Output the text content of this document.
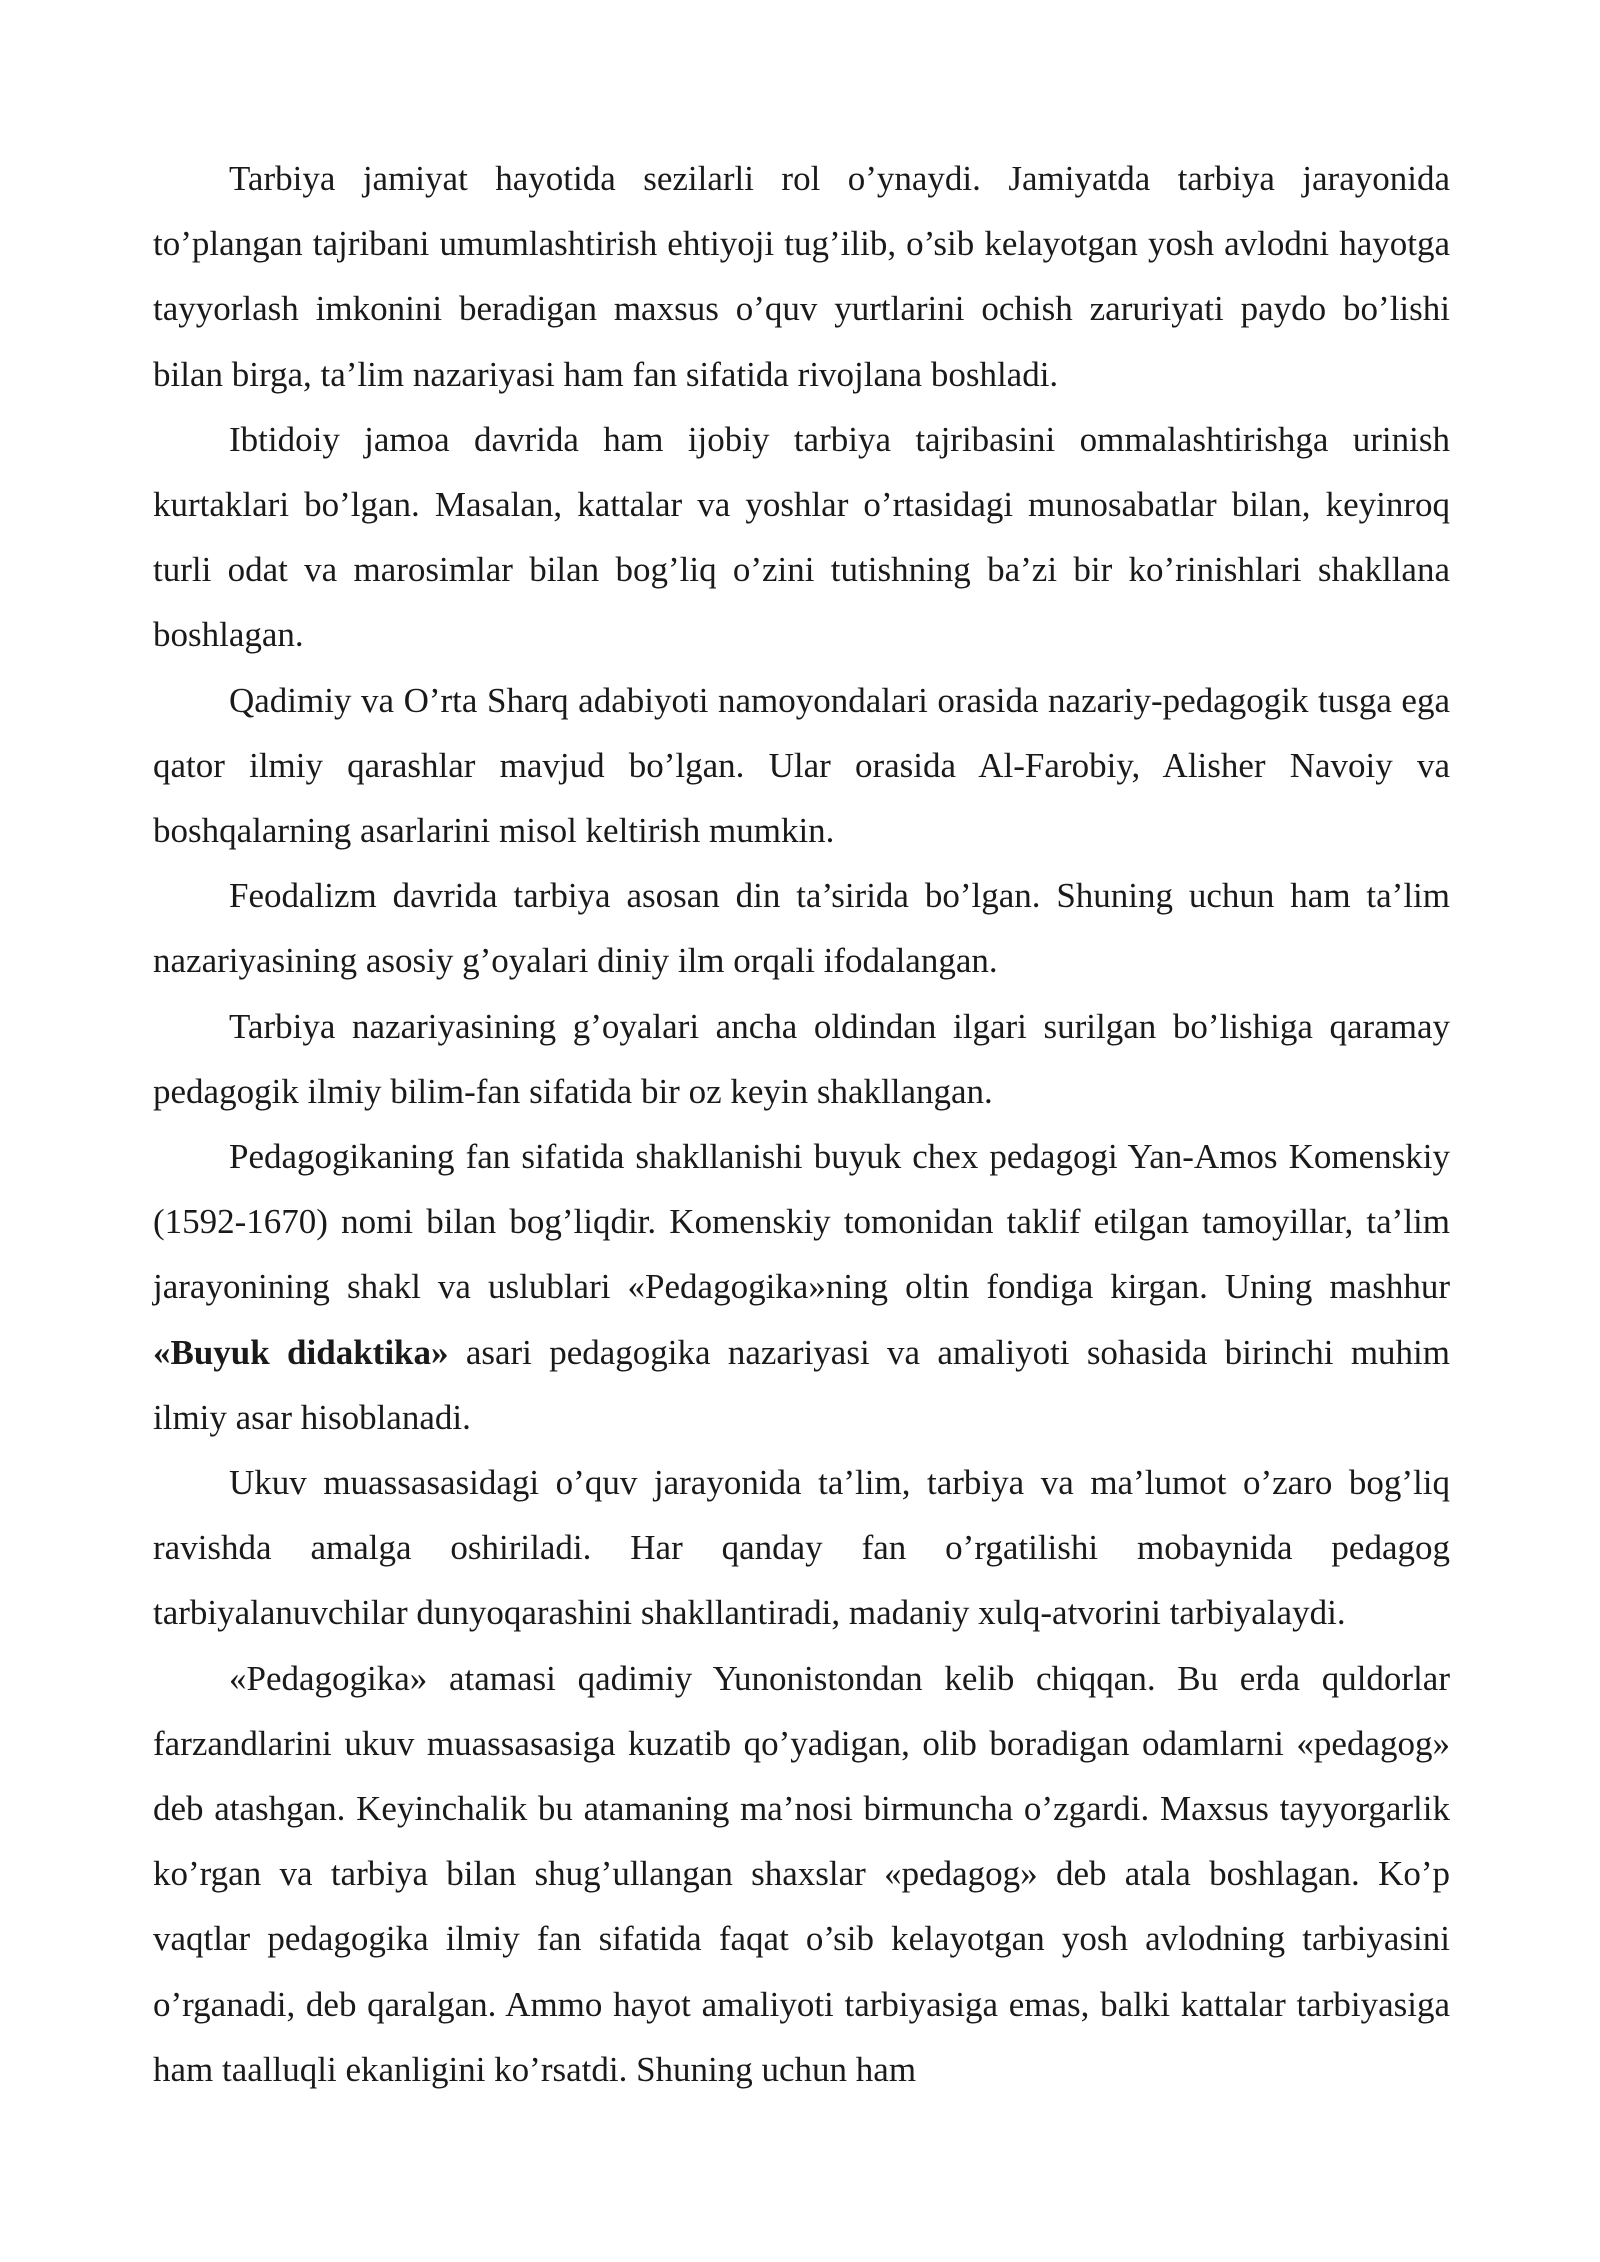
Tarbiya jamiyat hayotida sezilarli rol o’ynaydi. Jamiyatda tarbiya jarayonida to’plangan tajribani umumlashtirish ehtiyoji tug’ilib, o’sib kelayotgan yosh avlodni hayotga tayyorlash imkonini beradigan maxsus o’quv yurtlarini ochish zaruriyati paydo bo’lishi bilan birga, ta’lim nazariyasi ham fan sifatida rivojlana boshladi.

Ibtidoiy jamoa davrida ham ijobiy tarbiya tajribasini ommalashtirishga urinish kurtaklari bo’lgan. Masalan, kattalar va yoshlar o’rtasidagi munosabatlar bilan, keyinroq turli odat va marosimlar bilan bog’liq o’zini tutishning ba’zi bir ko’rinishlari shakllana boshlagan.

Qadimiy va O’rta Sharq adabiyoti namoyondalari orasida nazariy-pedagogik tusga ega qator ilmiy qarashlar mavjud bo’lgan. Ular orasida Al-Farobiy, Alisher Navoiy va boshqalarning asarlarini misol keltirish mumkin.

Feodalizm davrida tarbiya asosan din ta’sirida bo’lgan. Shuning uchun ham ta’lim nazariyasining asosiy g’oyalari diniy ilm orqali ifodalangan.

Tarbiya nazariyasining g’oyalari ancha oldindan ilgari surilgan bo’lishiga qaramay pedagogik ilmiy bilim-fan sifatida bir oz keyin shakllangan.

Pedagogikaning fan sifatida shakllanishi buyuk chex pedagogi Yan-Amos Komenskiy (1592-1670) nomi bilan bog’liqdir. Komenskiy tomonidan taklif etilgan tamoyillar, ta’lim jarayonining shakl va uslublari «Pedagogika»ning oltin fondiga kirgan. Uning mashhur «Buyuk didaktika» asari pedagogika nazariyasi va amaliyoti sohasida birinchi muhim ilmiy asar hisoblanadi.

Ukuv muassasasidagi o’quv jarayonida ta’lim, tarbiya va ma’lumot o’zaro bog’liq ravishda amalga oshiriladi. Har qanday fan o’rgatilishi mobaynida pedagog tarbiyalanuvchilar dunyoqarashini shakllantiradi, madaniy xulq-atvorini tarbiyalaydi.

«Pedagogika» atamasi qadimiy Yunonistondan kelib chiqqan. Bu erda quldorlar farzandlarini ukuv muassasasiga kuzatib qo’yadigan, olib boradigan odamlarni «pedagog» deb atashgan. Keyinchalik bu atamaning ma’nosi birmuncha o’zgardi. Maxsus tayyorgarlik ko’rgan va tarbiya bilan shug’ullangan shaxslar «pedagog» deb atala boshlagan. Ko’p vaqtlar pedagogika ilmiy fan sifatida faqat o’sib kelayotgan yosh avlodning tarbiyasini o’rganadi, deb qaralgan. Ammo hayot amaliyoti tarbiyasiga emas, balki kattalar tarbiyasiga ham taalluqli ekanligini ko’rsatdi. Shuning uchun ham
